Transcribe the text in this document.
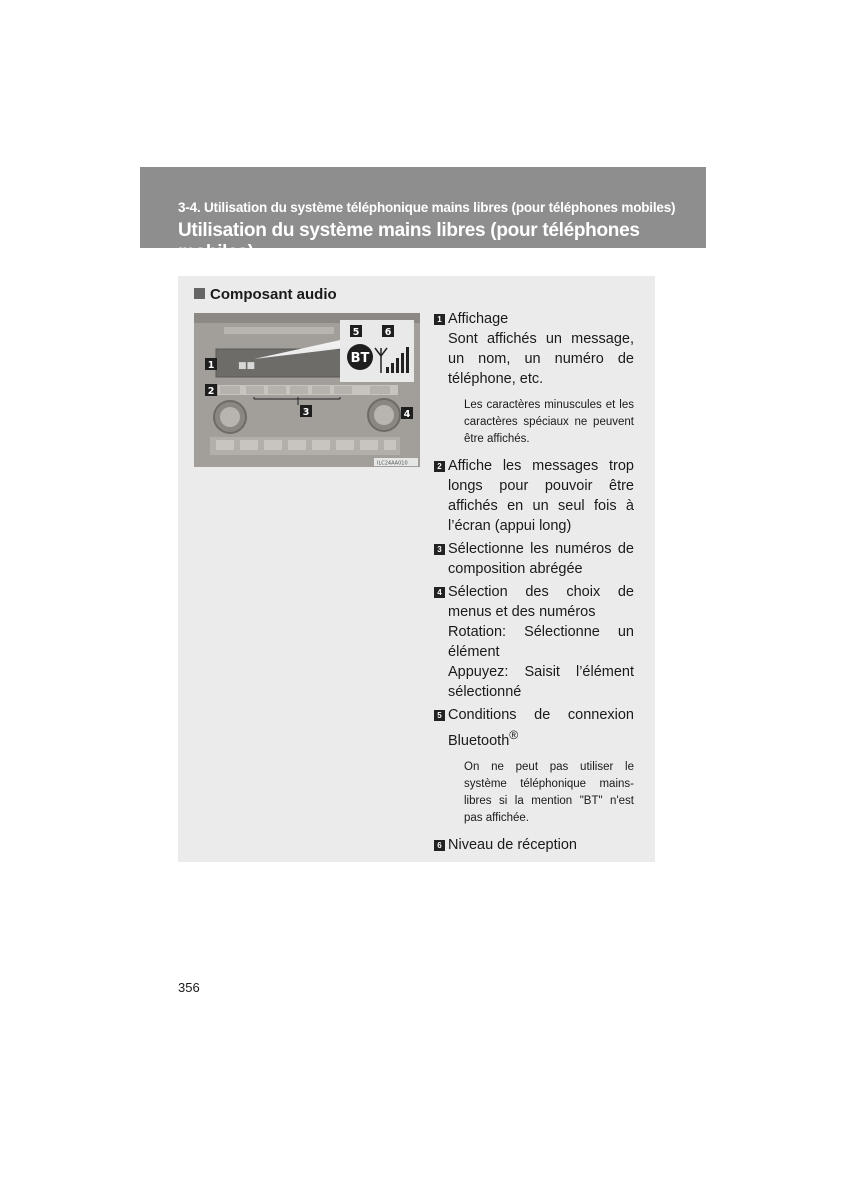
3-4. Utilisation du système téléphonique mains libres (pour téléphones mobiles)
Utilisation du système mains libres (pour téléphones mobiles)
Composant audio
■■
ILC24AA010
BT
5	6
1
2
3	4
1 Affichage
Sont affichés un message, un nom, un numéro de téléphone, etc.
Les caractères minuscules et les caractères spéciaux ne peuvent être affichés.
2 Affiche les messages trop longs pour pouvoir être affichés en un seul fois à l’écran (appui long)
3 Sélectionne les numéros de composition abrégée
4 Sélection des choix de menus et des numéros
Rotation: Sélectionne un élément
Appuyez: Saisit l’élément sélectionné
5 Conditions de connexion Bluetooth®
On ne peut pas utiliser le système téléphonique mains-libres si la mention "BT" n'est pas affichée.
6 Niveau de réception
356
